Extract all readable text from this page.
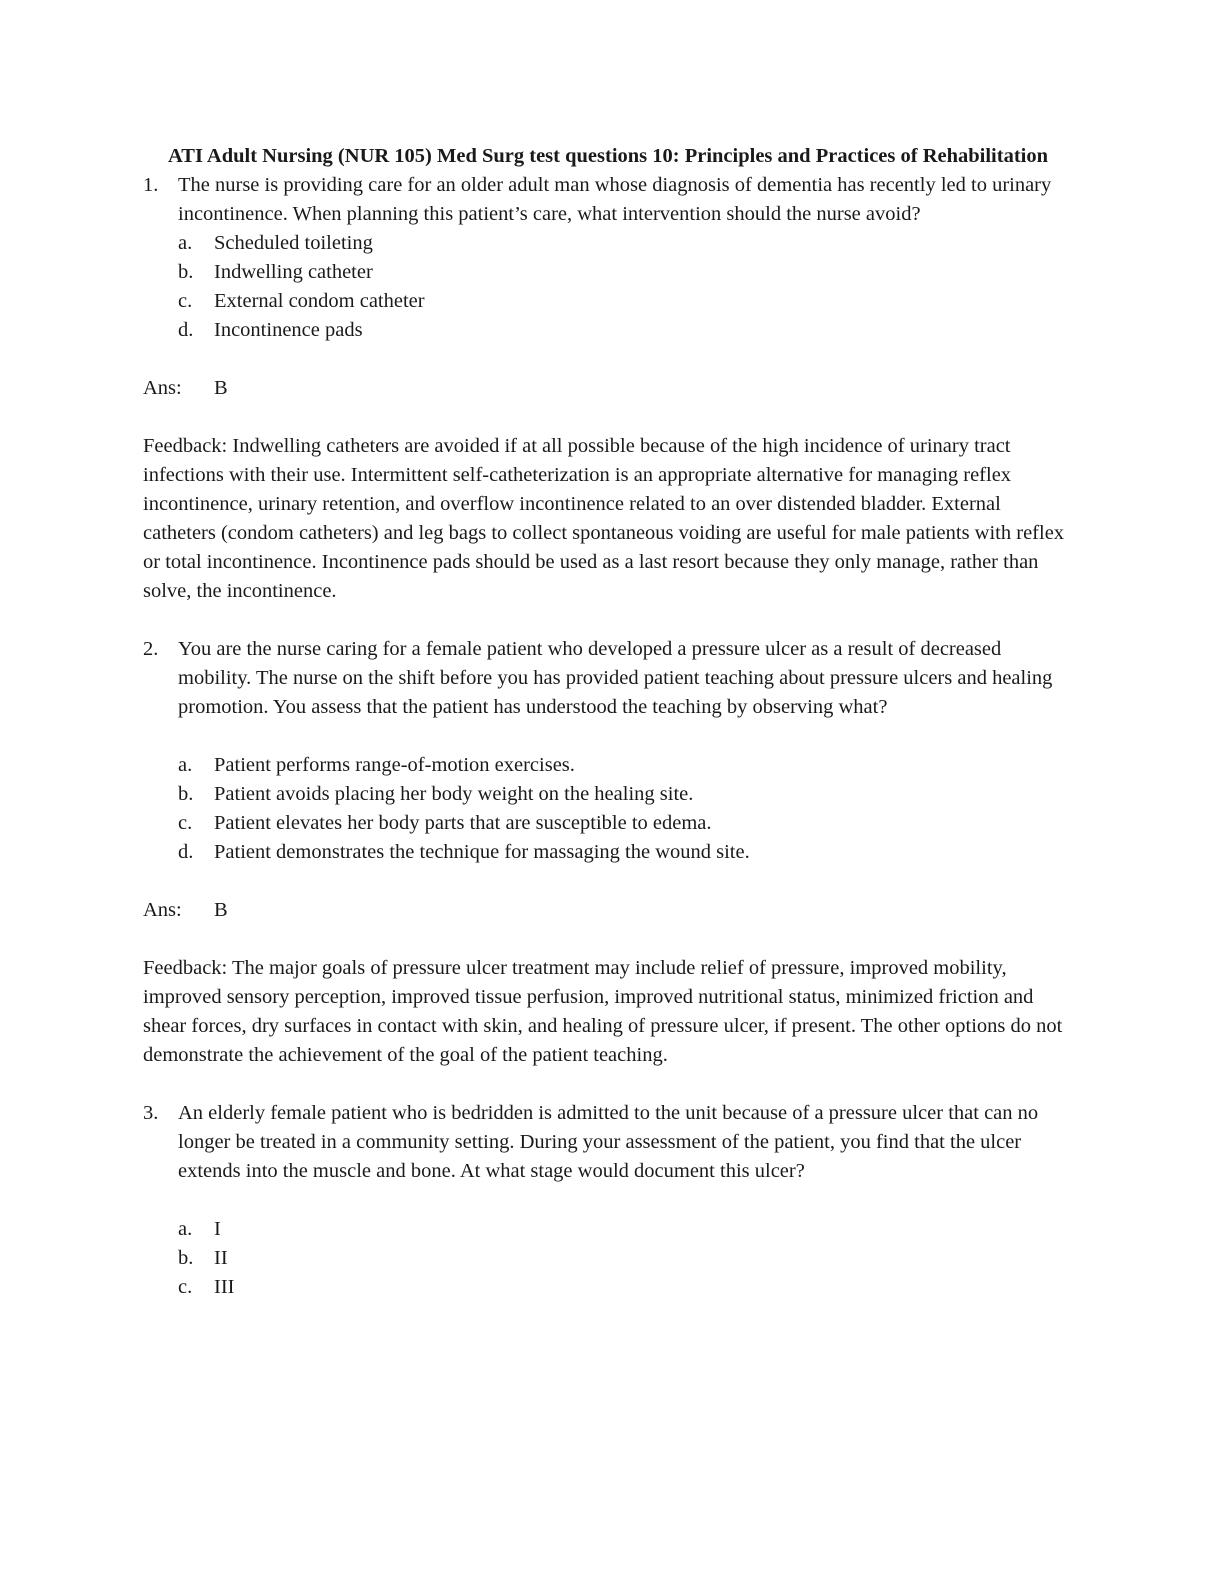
ATI Adult Nursing (NUR 105) Med Surg test questions 10: Principles and Practices of Rehabilitation
1. The nurse is providing care for an older adult man whose diagnosis of dementia has recently led to urinary incontinence. When planning this patient’s care, what intervention should the nurse avoid?
a.	Scheduled toileting
b.	Indwelling catheter
c.	External condom catheter
d.	Incontinence pads
Ans:	B

Feedback: Indwelling catheters are avoided if at all possible because of the high incidence of urinary tract infections with their use. Intermittent self-catheterization is an appropriate alternative for managing reflex incontinence, urinary retention, and overflow incontinence related to an over distended bladder. External catheters (condom catheters) and leg bags to collect spontaneous voiding are useful for male patients with reflex or total incontinence. Incontinence pads should be used as a last resort because they only manage, rather than solve, the incontinence.

2. You are the nurse caring for a female patient who developed a pressure ulcer as a result of decreased mobility. The nurse on the shift before you has provided patient teaching about pressure ulcers and healing promotion. You assess that the patient has understood the teaching by observing what?
a.	Patient performs range-of-motion exercises.
b.	Patient avoids placing her body weight on the healing site.
c.	Patient elevates her body parts that are susceptible to edema.
d.	Patient demonstrates the technique for massaging the wound site.
Ans:	B

Feedback: The major goals of pressure ulcer treatment may include relief of pressure, improved mobility, improved sensory perception, improved tissue perfusion, improved nutritional status, minimized friction and shear forces, dry surfaces in contact with skin, and healing of pressure ulcer, if present. The other options do not demonstrate the achievement of the goal of the patient teaching.

3. An elderly female patient who is bedridden is admitted to the unit because of a pressure ulcer that can no longer be treated in a community setting. During your assessment of the patient, you find that the ulcer extends into the muscle and bone. At what stage would document this ulcer?
a.	I
b.	II
c.	III
